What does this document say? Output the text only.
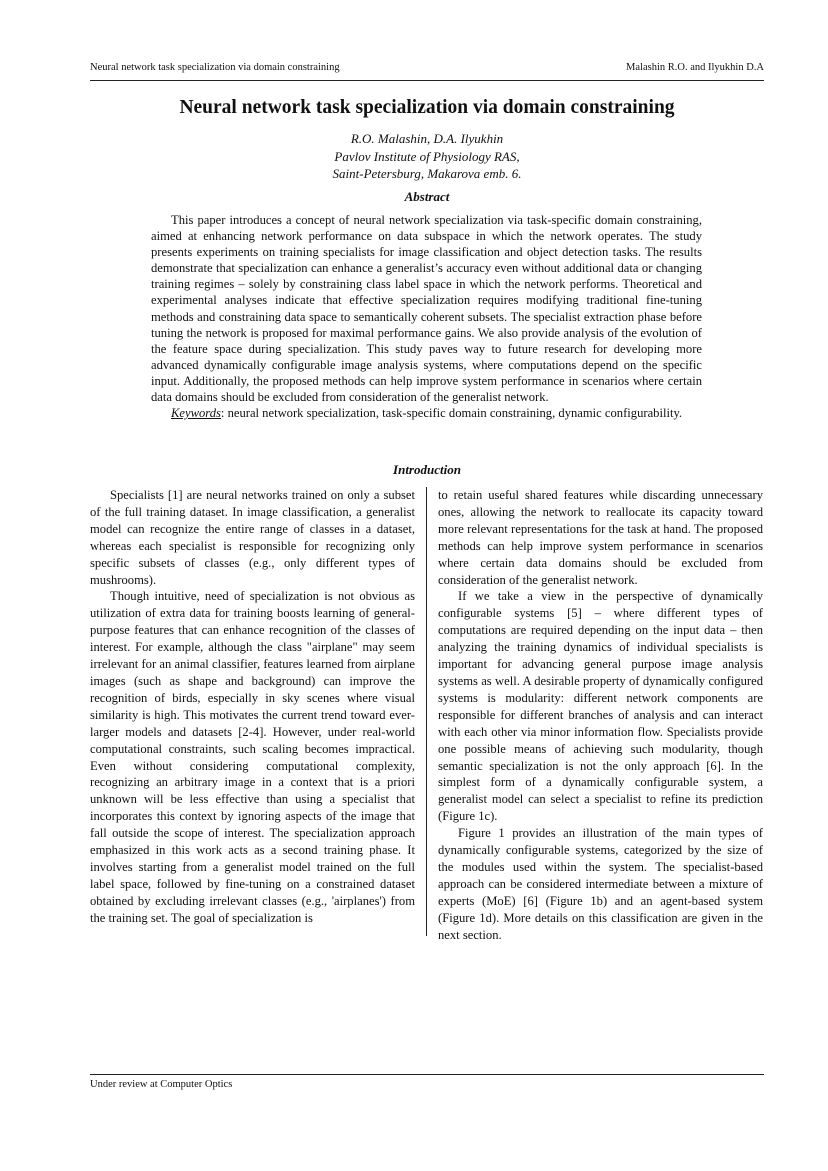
Neural network task specialization via domain constraining	Malashin R.O. and Ilyukhin D.A
Neural network task specialization via domain constraining
R.O. Malashin, D.A. Ilyukhin
Pavlov Institute of Physiology RAS,
Saint-Petersburg, Makarova emb. 6.
Abstract

This paper introduces a concept of neural network specialization via task-specific domain constraining, aimed at enhancing network performance on data subspace in which the network operates. The study presents experiments on training specialists for image classification and object detection tasks. The results demonstrate that specialization can enhance a generalist’s accuracy even without additional data or changing training regimes – solely by constraining class label space in which the network performs. Theoretical and experimental analyses indicate that effective specialization requires modifying traditional fine-tuning methods and constraining data space to semantically coherent subsets. The specialist extraction phase before tuning the network is proposed for maximal performance gains. We also provide analysis of the evolution of the feature space during specialization. This study paves way to future research for developing more advanced dynamically configurable image analysis systems, where computations depend on the specific input. Additionally, the proposed methods can help improve system performance in scenarios where certain data domains should be excluded from consideration of the generalist network.

Keywords: neural network specialization, task-specific domain constraining, dynamic configurability.

Introduction

Specialists [1] are neural networks trained on only a subset of the full training dataset. In image classification, a generalist model can recognize the entire range of classes in a dataset, whereas each specialist is responsible for recognizing only specific subsets of classes (e.g., only different types of mushrooms).

Though intuitive, need of specialization is not obvious as utilization of extra data for training boosts learning of general-purpose features that can enhance recognition of the classes of interest. For example, although the class "airplane" may seem irrelevant for an animal classifier, features learned from airplane images (such as shape and background) can improve the recognition of birds, especially in sky scenes where visual similarity is high. This motivates the current trend toward ever-larger models and datasets [2-4]. However, under real-world computational constraints, such scaling becomes impractical. Even without considering computational complexity, recognizing an arbitrary image in a context that is a priori unknown will be less effective than using a specialist that incorporates this context by ignoring aspects of the image that fall outside the scope of interest. The specialization approach emphasized in this work acts as a second training phase. It involves starting from a generalist model trained on the full label space, followed by fine-tuning on a constrained dataset obtained by excluding irrelevant classes (e.g., 'airplanes') from the training set. The goal of specialization is

to retain useful shared features while discarding unnecessary ones, allowing the network to reallocate its capacity toward more relevant representations for the task at hand. The proposed methods can help improve system performance in scenarios where certain data domains should be excluded from consideration of the generalist network.

If we take a view in the perspective of dynamically configurable systems [5] – where different types of computations are required depending on the input data – then analyzing the training dynamics of individual specialists is important for advancing general purpose image analysis systems as well. A desirable property of dynamically configured systems is modularity: different network components are responsible for different branches of analysis and can interact with each other via minor information flow. Specialists provide one possible means of achieving such modularity, though semantic specialization is not the only approach [6]. In the simplest form of a dynamically configurable system, a generalist model can select a specialist to refine its prediction (Figure 1c).

Figure 1 provides an illustration of the main types of dynamically configurable systems, categorized by the size of the modules used within the system. The specialist-based approach can be considered intermediate between a mixture of experts (MoE) [6] (Figure 1b) and an agent-based system (Figure 1d). More details on this classification are given in the next section.

Under review at Computer Optics
